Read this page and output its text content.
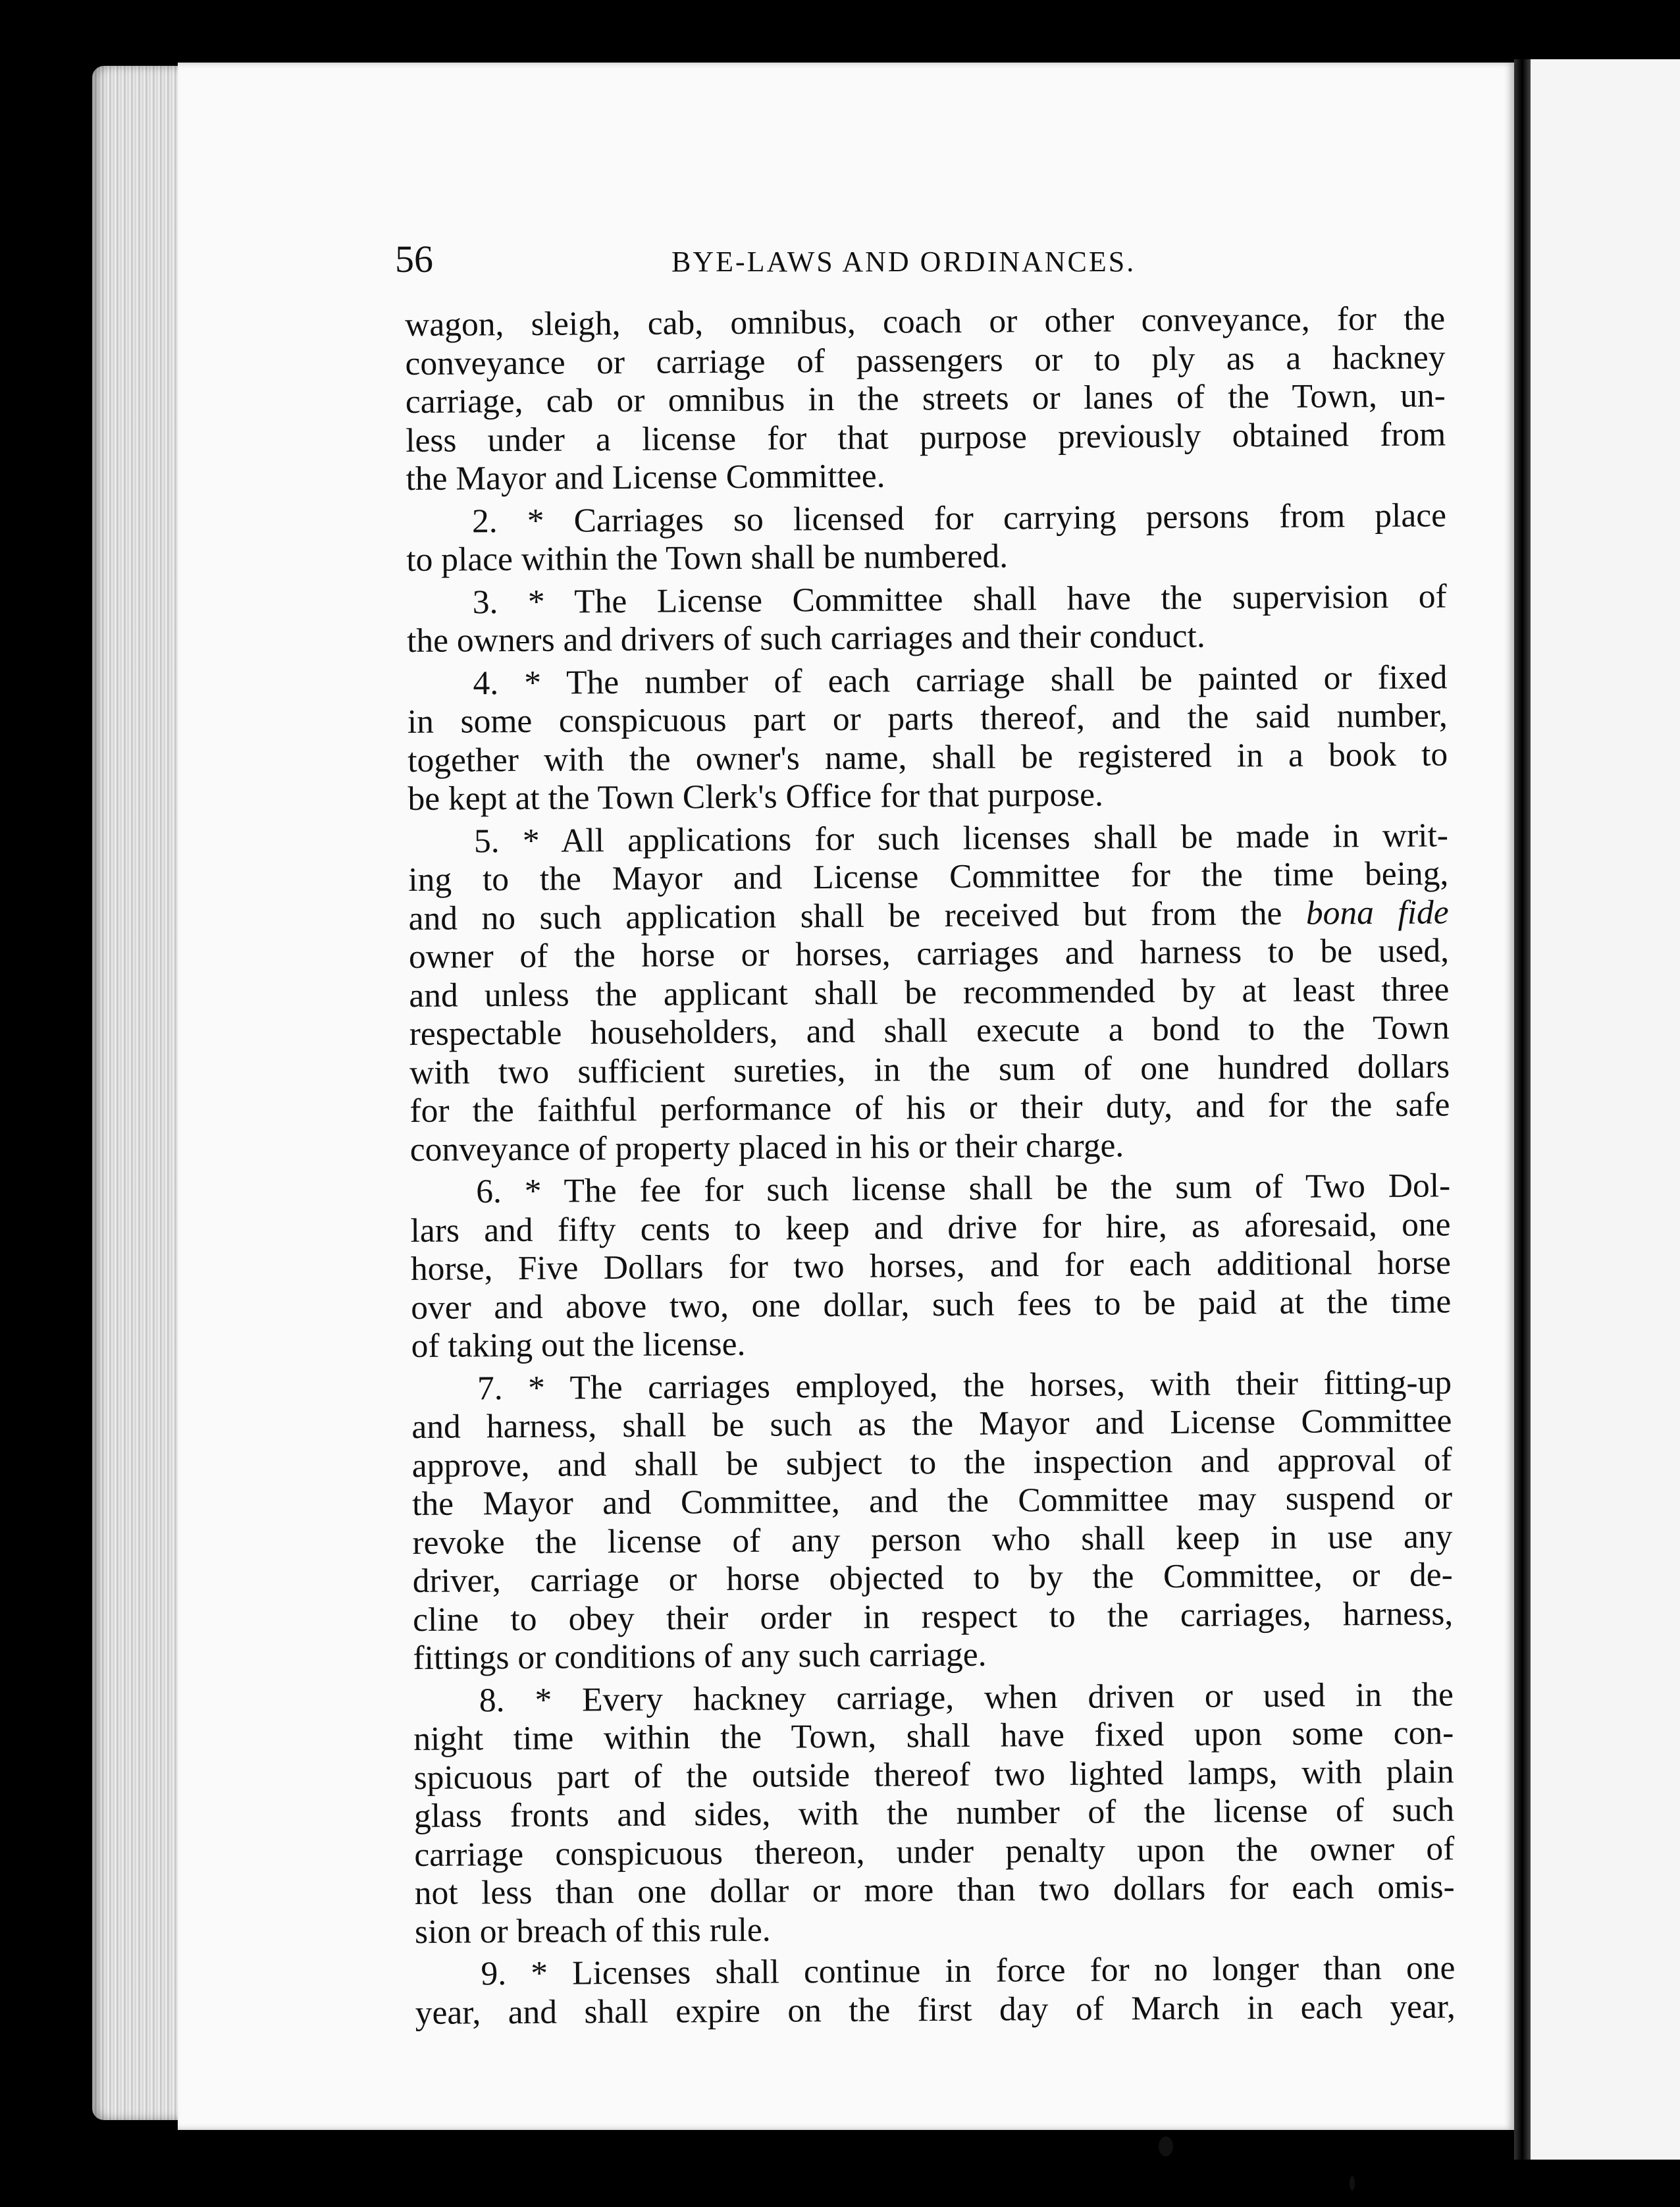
56	BYE-LAWS AND ORDINANCES.
wagon, sleigh, cab, omnibus, coach or other conveyance, for the
conveyance or carriage of passengers or to ply as a hackney
carriage, cab or omnibus in the streets or lanes of the Town, un-
less under a license for that purpose previously obtained from
the Mayor and License Committee.
2. * Carriages so licensed for carrying persons from place
to place within the Town shall be numbered.
3. * The License Committee shall have the supervision of
the owners and drivers of such carriages and their conduct.
4. * The number of each carriage shall be painted or fixed
in some conspicuous part or parts thereof, and the said number,
together with the owner's name, shall be registered in a book to
be kept at the Town Clerk's Office for that purpose.
5. * All applications for such licenses shall be made in writ-
ing to the Mayor and License Committee for the time being,
and no such application shall be received but from the bona fide
owner of the horse or horses, carriages and harness to be used,
and unless the applicant shall be recommended by at least three
respectable householders, and shall execute a bond to the Town
with two sufficient sureties, in the sum of one hundred dollars
for the faithful performance of his or their duty, and for the safe
conveyance of property placed in his or their charge.
6. * The fee for such license shall be the sum of Two Dol-
lars and fifty cents to keep and drive for hire, as aforesaid, one
horse, Five Dollars for two horses, and for each additional horse
over and above two, one dollar, such fees to be paid at the time
of taking out the license.
7. * The carriages employed, the horses, with their fitting-up
and harness, shall be such as the Mayor and License Committee
approve, and shall be subject to the inspection and approval of
the Mayor and Committee, and the Committee may suspend or
revoke the license of any person who shall keep in use any
driver, carriage or horse objected to by the Committee, or de-
cline to obey their order in respect to the carriages, harness,
fittings or conditions of any such carriage.
8. * Every hackney carriage, when driven or used in the
night time within the Town, shall have fixed upon some con-
spicuous part of the outside thereof two lighted lamps, with plain
glass fronts and sides, with the number of the license of such
carriage conspicuous thereon, under penalty upon the owner of
not less than one dollar or more than two dollars for each omis-
sion or breach of this rule.
9. * Licenses shall continue in force for no longer than one
year, and shall expire on the first day of March in each year,
